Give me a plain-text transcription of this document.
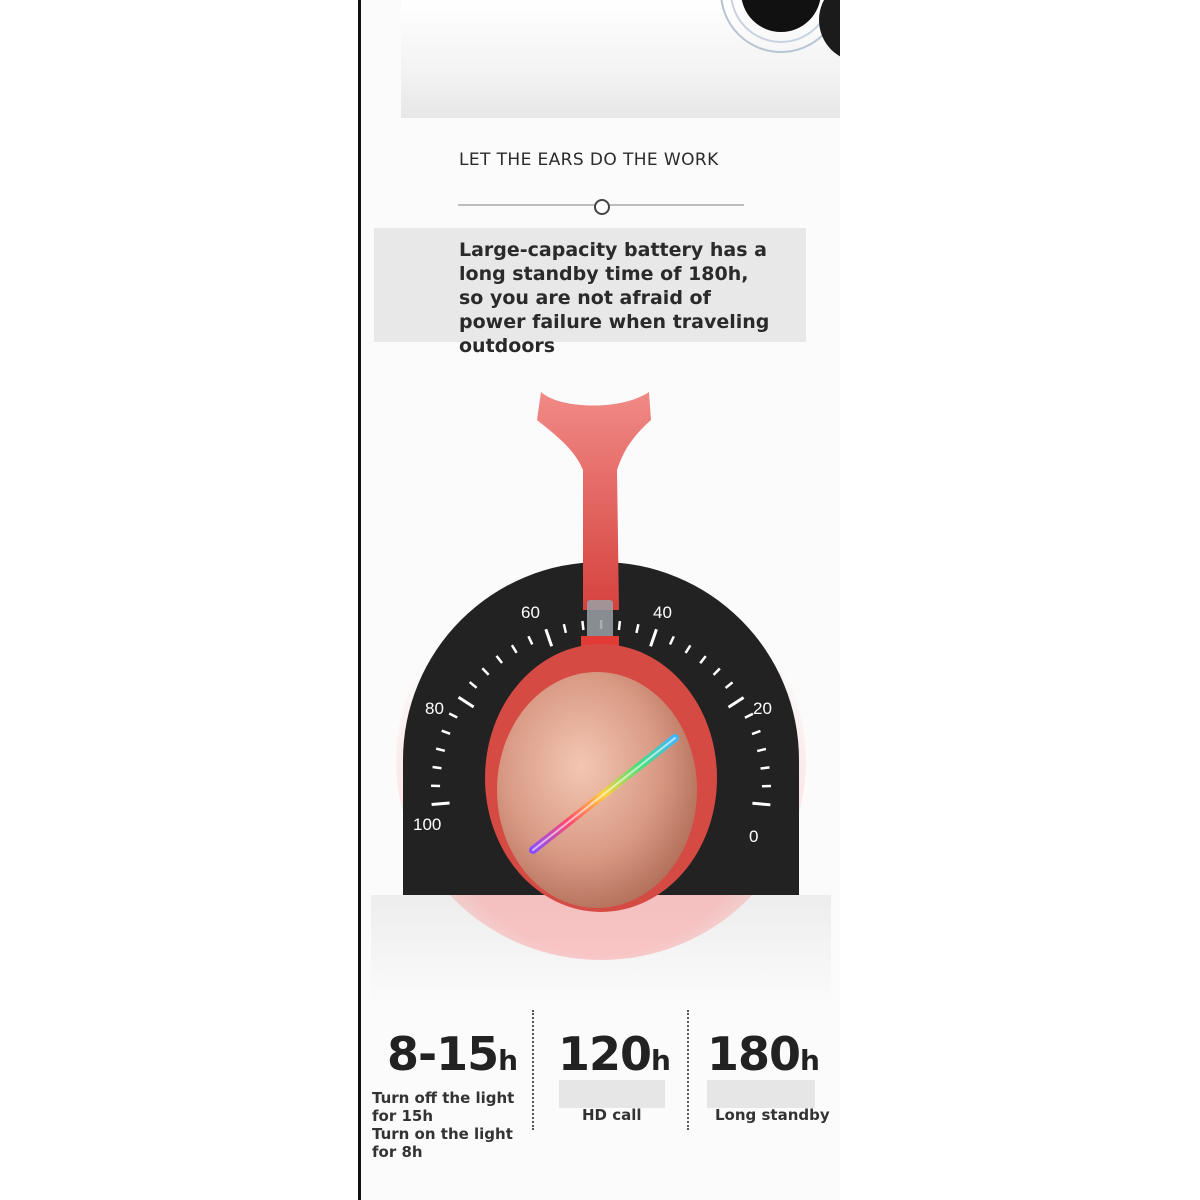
0
20
40
60
80
100
LET THE EARS DO THE WORK
Large-capacity battery has a long standby time of 180h, so you are not afraid of power failure when traveling outdoors
8-15h
Turn off the light for 15h
Turn on the light for 8h
120h
HD call
180h
Long standby
